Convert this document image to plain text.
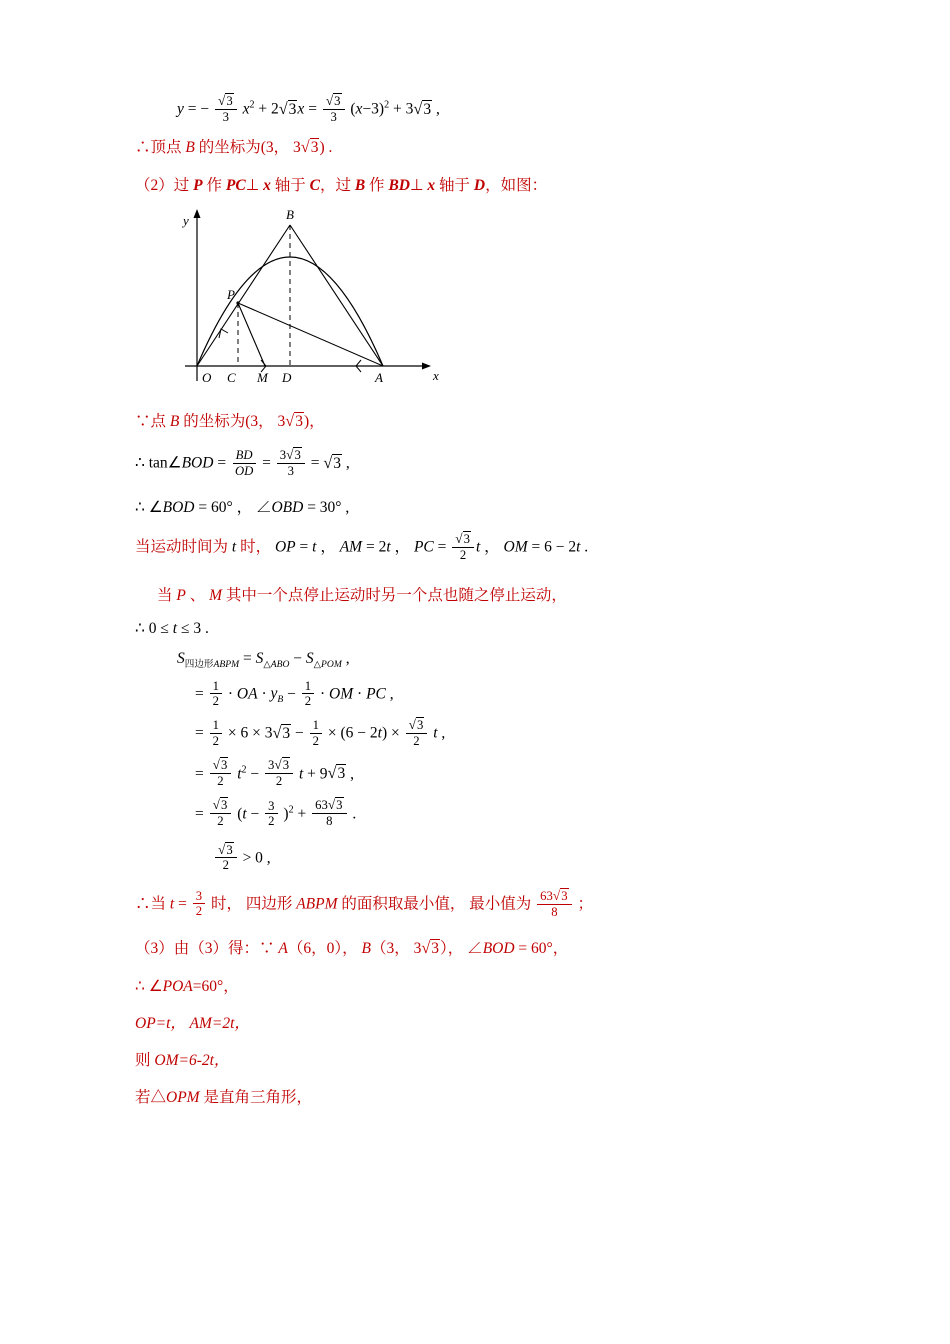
y = − $\frac{√3}{3} x^2 + 2√3x = \frac{√3}{3} (x-3)^2 + 3√3$ ,
∴顶点 B 的坐标为(3， 3√3) .
（2）过 P 作 PC⊥ x 轴于 C，过 B 作 BD⊥ x 轴于 D，如图：
B
P
O C M D	A
y
x
∵点 B 的坐标为(3， 3√3)，
∴ tan∠BOD = $\frac{BD}{OD} = \frac{3√3}{3} = √3$ ,
∴ ∠BOD = 60° ， ∠OBD = 30° ,
当运动时间为 t 时， OP = t ， AM = 2t ， PC = $\frac{√3}{2}$ t ， OM = 6 − 2t .
当 P 、 M 其中一个点停止运动时另一个点也随之停止运动，
∴ 0 ≤ t ≤ 3 .
$S_{四边形ABPM} = S_{\triangle ABO} - S_{\triangle POM}$ ,
= $\frac{1}{2}$ · OA · $y_B - \frac{1}{2}$ · OM · PC ,
= $\frac{1}{2} \times 6 \times 3√3 - \frac{1}{2} \times (6 - 2t) \times \frac{√3}{2}$ t ,
= $\frac{√3}{2} t^2 - \frac{3√3}{2}$ t + 9√3 ,
= $\frac{√3}{2} (t - \frac{3}{2} )^2 + \frac{63√3}{8}$ .
$\frac{√3}{2} > 0$ ,
∴当 $t = \frac{3}{2}$ 时， 四边形 ABPM 的面积取最小值， 最小值为 $\frac{63√3}{8}$ ；
（3）由（3）得：∵ A（6，0）， B（3， 3√3）， ∠BOD = 60°，
∴ ∠POA=60°，
OP=t， AM=2t，
则 OM=6-2t，
若△OPM 是直角三角形，
